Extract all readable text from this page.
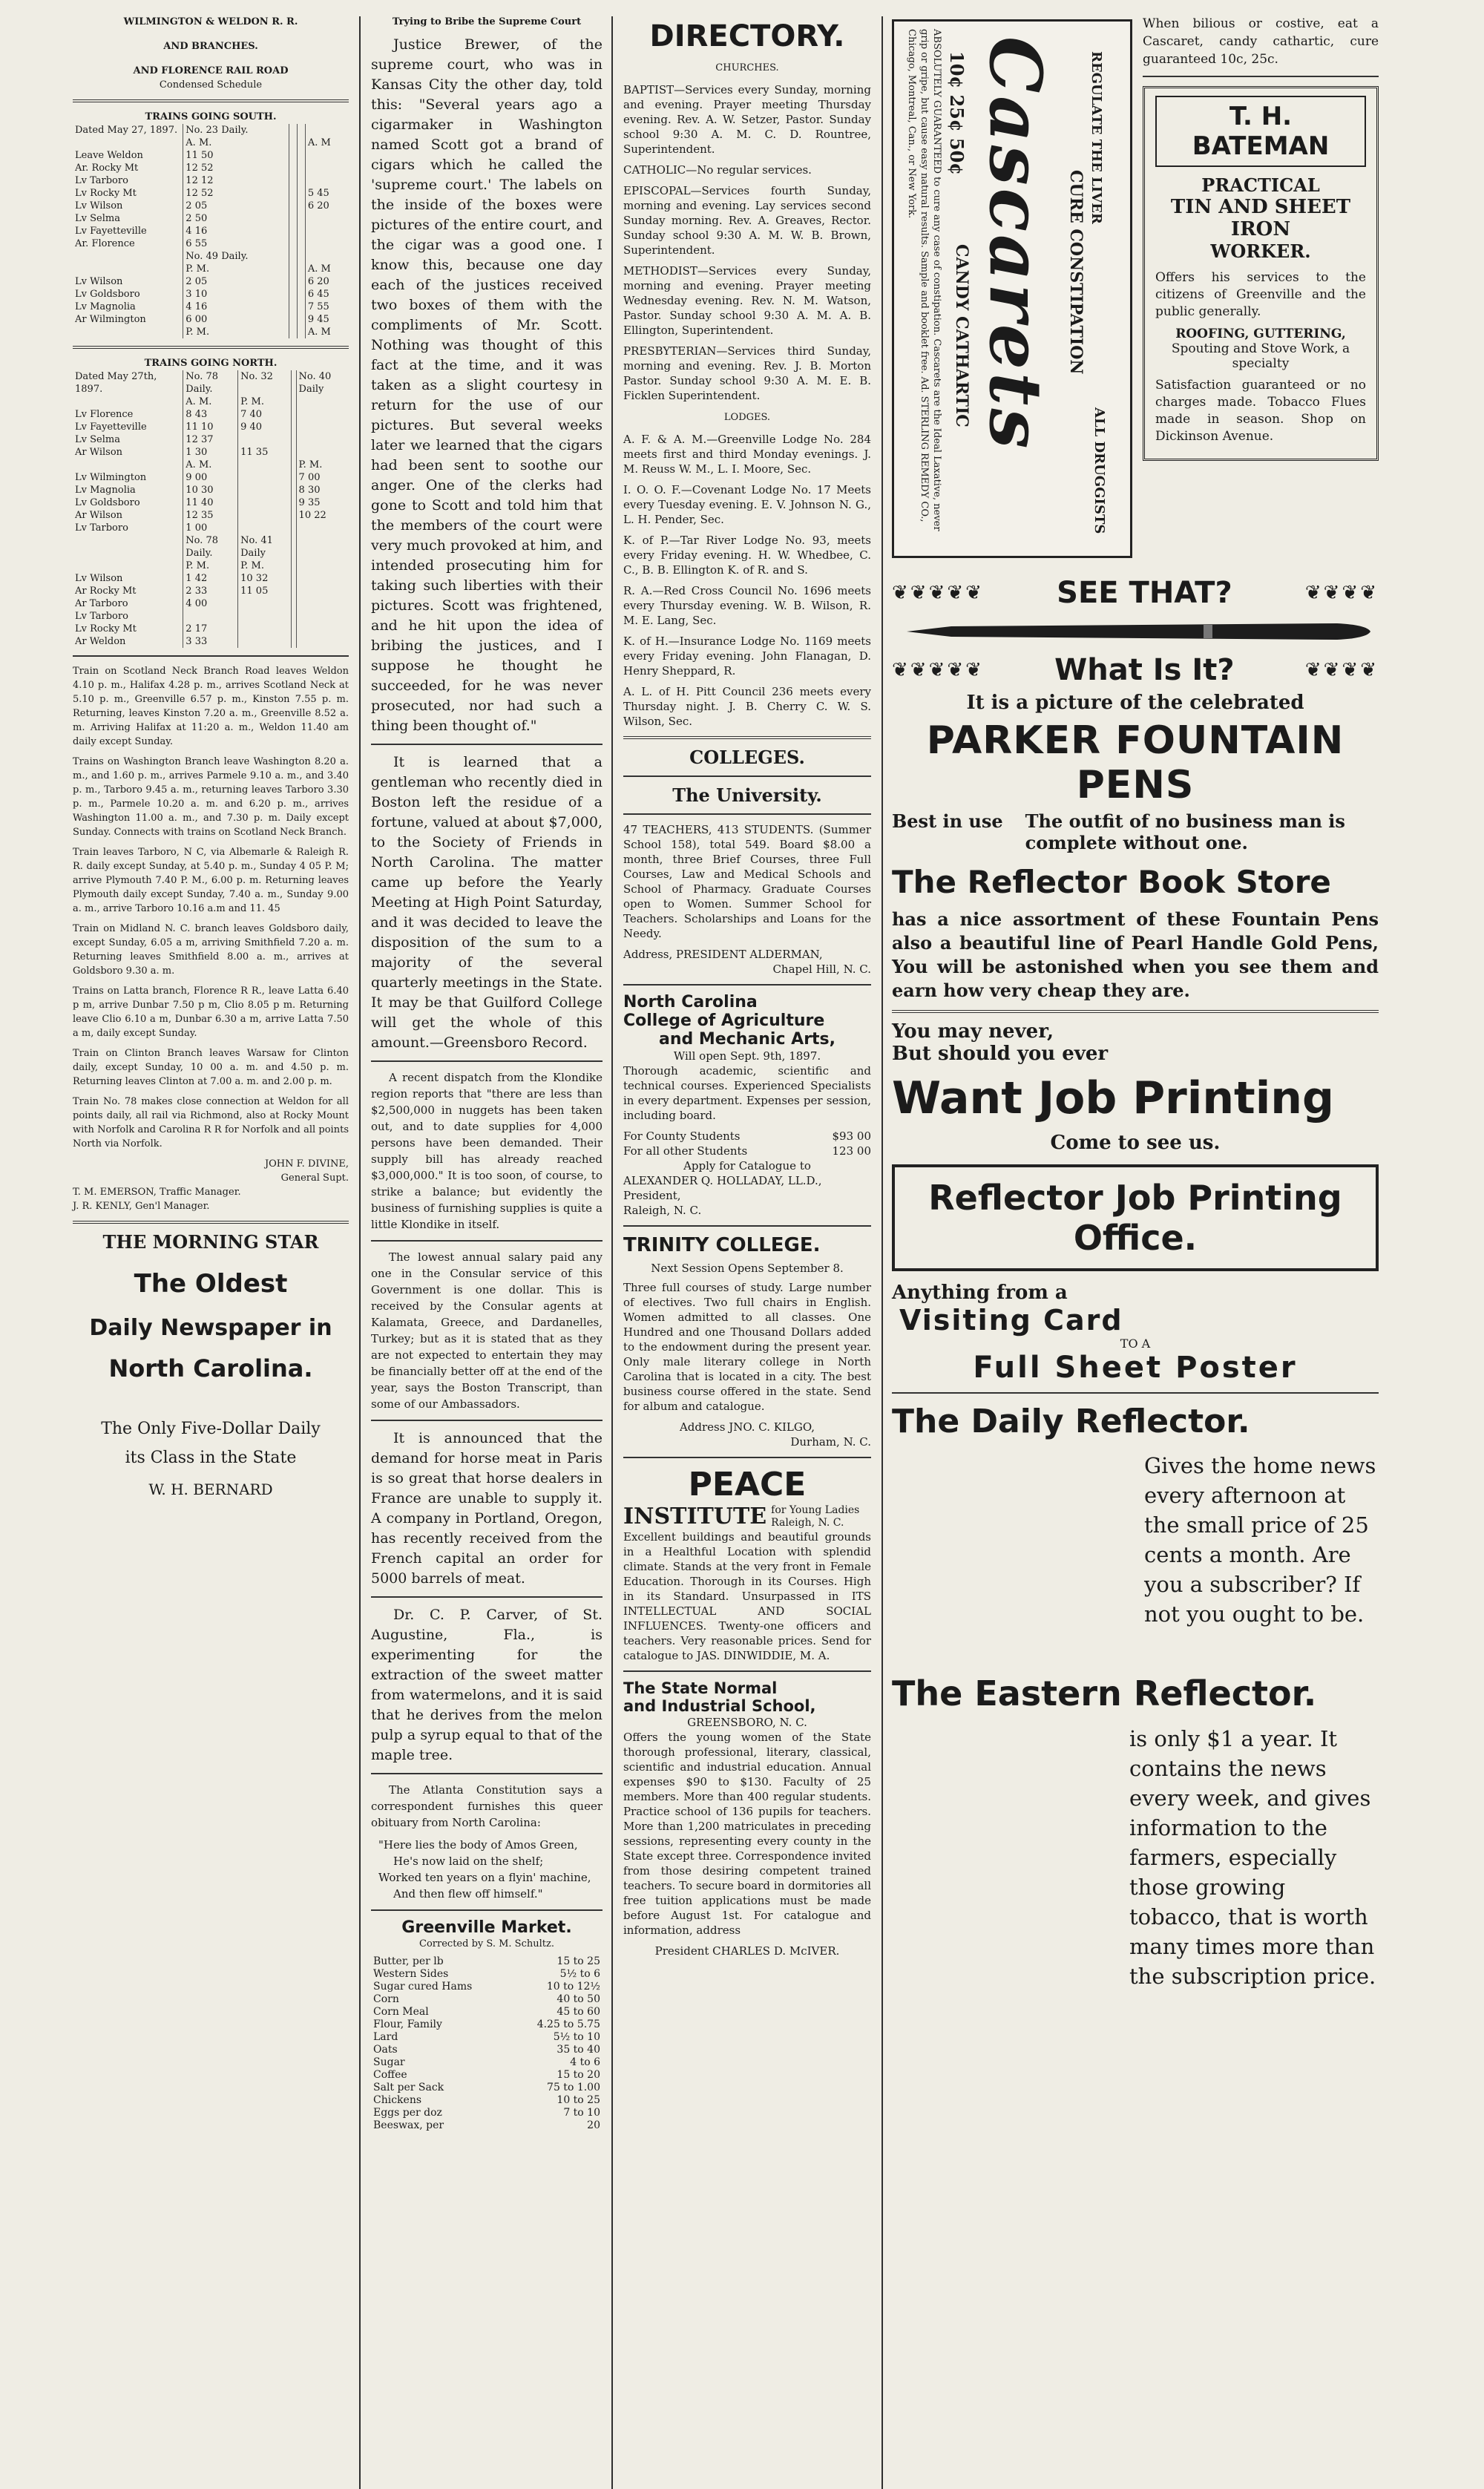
WILMINGTON & WELDON R. R.
AND BRANCHES.
AND FLORENCE RAIL ROAD
Condensed Schedule
TRAINS GOING SOUTH.
Dated May 27, 1897.	No. 23 Daily.			
	A. M.			A. M
Leave Weldon	11 50			
Ar. Rocky Mt	12 52			

Lv Tarboro	12 12			

Lv Rocky Mt	12 52			5 45
Lv Wilson	2 05			6 20
Lv Selma	2 50			
Lv Fayetteville	4 16			
Ar. Florence	6 55			

	No. 49 Daily.			
	P. M.			A. M
Lv Wilson	2 05			6 20
Lv Goldsboro	3 10			6 45
Lv Magnolia	4 16			7 55
Ar Wilmington	6 00			9 45
	P. M.			A. M
TRAINS GOING NORTH.
Dated May 27th, 1897.	No. 78 Daily.	No. 32		No. 40 Daily
	A. M.	P. M.		
Lv Florence	8 43	7 40		
Lv Fayetteville	11 10	9 40		
Lv Selma	12 37			
Ar Wilson	1 30	11 35		

	A. M.			P. M.
Lv Wilmington	9 00			7 00
Lv Magnolia	10 30			8 30
Lv Goldsboro	11 40			9 35
Ar Wilson	12 35			10 22
Lv Tarboro	1 00			

	No. 78 Daily.	No. 41 Daily		
	P. M.	P. M.		
Lv Wilson	1 42	10 32		
Ar Rocky Mt	2 33	11 05		

Ar Tarboro	4 00			
Lv Tarboro				
Lv Rocky Mt	2 17			
Ar Weldon	3 33			

Train on Scotland Neck Branch Road leaves Weldon 4.10 p. m., Halifax 4.28 p. m., arrives Scotland Neck at 5.10 p. m., Greenville 6.57 p. m., Kinston 7.55 p. m. Returning, leaves Kinston 7.20 a. m., Greenville 8.52 a. m. Arriving Halifax at 11:20 a. m., Weldon 11.40 am daily except Sunday.

Trains on Washington Branch leave Washington 8.20 a. m., and 1.60 p. m., arrives Parmele 9.10 a. m., and 3.40 p. m., Tarboro 9.45 a. m., returning leaves Tarboro 3.30 p. m., Parmele 10.20 a. m. and 6.20 p. m., arrives Washington 11.00 a. m., and 7.30 p. m. Daily except Sunday. Connects with trains on Scotland Neck Branch.

Train leaves Tarboro, N C, via Albemarle & Raleigh R. R. daily except Sunday, at 5.40 p. m., Sunday 4 05 P. M; arrive Plymouth 7.40 P. M., 6.00 p. m. Returning leaves Plymouth daily except Sunday, 7.40 a. m., Sunday 9.00 a. m., arrive Tarboro 10.16 a.m and 11. 45

Train on Midland N. C. branch leaves Goldsboro daily, except Sunday, 6.05 a m, arriving Smithfield 7.20 a. m. Returning leaves Smithfield 8.00 a. m., arrives at Goldsboro 9.30 a. m.

Trains on Latta branch, Florence R R., leave Latta 6.40 p m, arrive Dunbar 7.50 p m, Clio 8.05 p m. Returning leave Clio 6.10 a m, Dunbar 6.30 a m, arrive Latta 7.50 a m, daily except Sunday.

Train on Clinton Branch leaves Warsaw for Clinton daily, except Sunday, 10 00 a. m. and 4.50 p. m. Returning leaves Clinton at 7.00 a. m. and 2.00 p. m.

Train No. 78 makes close connection at Weldon for all points daily, all rail via Richmond, also at Rocky Mount with Norfolk and Carolina R R for Norfolk and all points North via Norfolk.

JOHN F. DIVINE,
General Supt.
T. M. EMERSON, Traffic Manager.
J. R. KENLY, Gen'l Manager.
THE MORNING STAR
The Oldest
Daily Newspaper in
North Carolina.
The Only Five-Dollar Daily
its Class in the State
W. H. BERNARD
Trying to Bribe the Supreme Court

Justice Brewer, of the supreme court, who was in Kansas City the other day, told this: "Several years ago a cigarmaker in Washington named Scott got a brand of cigars which he called the 'supreme court.' The labels on the inside of the boxes were pictures of the entire court, and the cigar was a good one. I know this, because one day each of the justices received two boxes of them with the compliments of Mr. Scott. Nothing was thought of this fact at the time, and it was taken as a slight courtesy in return for the use of our pictures. But several weeks later we learned that the cigars had been sent to soothe our anger. One of the clerks had gone to Scott and told him that the members of the court were very much provoked at him, and intended prosecuting him for taking such liberties with their pictures. Scott was frightened, and he hit upon the idea of bribing the justices, and I suppose he thought he succeeded, for he was never prosecuted, nor had such a thing been thought of."

It is learned that a gentleman who recently died in Boston left the residue of a fortune, valued at about $7,000, to the Society of Friends in North Carolina. The matter came up before the Yearly Meeting at High Point Saturday, and it was decided to leave the disposition of the sum to a majority of the several quarterly meetings in the State. It may be that Guilford College will get the whole of this amount.—Greensboro Record.

A recent dispatch from the Klondike region reports that "there are less than $2,500,000 in nuggets has been taken out, and to date supplies for 4,000 persons have been demanded. Their supply bill has already reached $3,000,000." It is too soon, of course, to strike a balance; but evidently the business of furnishing supplies is quite a little Klondike in itself.

The lowest annual salary paid any one in the Consular service of this Government is one dollar. This is received by the Consular agents at Kalamata, Greece, and Dardanelles, Turkey; but as it is stated that as they are not expected to entertain they may be financially better off at the end of the year, says the Boston Transcript, than some of our Ambassadors.

It is announced that the demand for horse meat in Paris is so great that horse dealers in France are unable to supply it. A company in Portland, Oregon, has recently received from the French capital an order for 5000 barrels of meat.

Dr. C. P. Carver, of St. Augustine, Fla., is experimenting for the extraction of the sweet matter from watermelons, and it is said that he derives from the melon pulp a syrup equal to that of the maple tree.

The Atlanta Constitution says a correspondent furnishes this queer obituary from North Carolina:

"Here lies the body of Amos Green,
He's now laid on the shelf;
Worked ten years on a flyin' machine,
And then flew off himself."
Greenville Market.
Corrected by S. M. Schultz.
Butter, per lb	15 to 25
Western Sides	5½ to 6
Sugar cured Hams	10 to 12½
Corn	40 to 50
Corn Meal	45 to 60
Flour, Family	4.25 to 5.75
Lard	5½ to 10
Oats	35 to 40
Sugar	4 to 6
Coffee	15 to 20
Salt per Sack	75 to 1.00
Chickens	10 to 25
Eggs per doz	7 to 10
Beeswax, per	20
DIRECTORY.
CHURCHES.

BAPTIST—Services every Sunday, morning and evening. Prayer meeting Thursday evening. Rev. A. W. Setzer, Pastor. Sunday school 9:30 A. M. C. D. Rountree, Superintendent.

CATHOLIC—No regular services.

EPISCOPAL—Services fourth Sunday, morning and evening. Lay services second Sunday morning. Rev. A. Greaves, Rector. Sunday school 9:30 A. M. W. B. Brown, Superintendent.

METHODIST—Services every Sunday, morning and evening. Prayer meeting Wednesday evening. Rev. N. M. Watson, Pastor. Sunday school 9:30 A. M. A. B. Ellington, Superintendent.

PRESBYTERIAN—Services third Sunday, morning and evening. Rev. J. B. Morton Pastor. Sunday school 9:30 A. M. E. B. Ficklen Superintendent.

LODGES.

A. F. & A. M.—Greenville Lodge No. 284 meets first and third Monday evenings. J. M. Reuss W. M., L. I. Moore, Sec.

I. O. O. F.—Covenant Lodge No. 17 Meets every Tuesday evening. E. V. Johnson N. G., L. H. Pender, Sec.

K. of P.—Tar River Lodge No. 93, meets every Friday evening. H. W. Whedbee, C. C., B. B. Ellington K. of R. and S.

R. A.—Red Cross Council No. 1696 meets every Thursday evening. W. B. Wilson, R. M. E. Lang, Sec.

K. of H.—Insurance Lodge No. 1169 meets every Friday evening. John Flanagan, D. Henry Sheppard, R.

A. L. of H. Pitt Council 236 meets every Thursday night. J. B. Cherry C. W. S. Wilson, Sec.

COLLEGES.
The University.

47 TEACHERS, 413 STUDENTS. (Summer School 158), total 549. Board $8.00 a month, three Brief Courses, three Full Courses, Law and Medical Schools and School of Pharmacy. Graduate Courses open to Women. Summer School for Teachers. Scholarships and Loans for the Needy.

Address, PRESIDENT ALDERMAN,
Chapel Hill, N. C.
North Carolina
College of Agriculture
and Mechanic Arts,
Will open Sept. 9th, 1897.

Thorough academic, scientific and technical courses. Experienced Specialists in every department. Expenses per session, including board.

For County Students	$93 00
For all other Students	123 00
Apply for Catalogue to
ALEXANDER Q. HOLLADAY, LL.D., President,
Raleigh, N. C.
TRINITY COLLEGE.
Next Session Opens September 8.

Three full courses of study. Large number of electives. Two full chairs in English. Women admitted to all classes. One Hundred and one Thousand Dollars added to the endowment during the present year. Only male literary college in North Carolina that is located in a city. The best business course offered in the state. Send for album and catalogue.

Address JNO. C. KILGO,
Durham, N. C.
PEACE
INSTITUTE for Young Ladies Raleigh, N. C.

Excellent buildings and beautiful grounds in a Healthful Location with splendid climate. Stands at the very front in Female Education. Thorough in its Courses. High in its Standard. Unsurpassed in ITS INTELLECTUAL AND SOCIAL INFLUENCES. Twenty-one officers and teachers. Very reasonable prices. Send for catalogue to JAS. DINWIDDIE, M. A.

The State Normal
and Industrial School,
GREENSBORO, N. C.

Offers the young women of the State thorough professional, literary, classical, scientific and industrial education. Annual expenses $90 to $130. Faculty of 25 members. More than 400 regular students. Practice school of 136 pupils for teachers. More than 1,200 matriculates in preceding sessions, representing every county in the State except three. Correspondence invited from those desiring competent trained teachers. To secure board in dormitories all free tuition applications must be made before August 1st. For catalogue and information, address

President CHARLES D. McIVER.
ABSOLUTELY GUARANTEED to cure any case of constipation. Cascarets are the Ideal Laxative, never grip or gripe, but cause easy natural results. Sample and booklet free. Ad. STERLING REMEDY CO., Chicago, Montreal, Can., or New York.	10¢ 25¢ 50¢ Cascarets
CANDY CATHARTIC	CURE CONSTIPATION
REGULATE THE LIVER
ALL DRUGGISTS

When bilious or costive, eat a Cascaret, candy cathartic, cure guaranteed 10c, 25c.

T. H. BATEMAN
PRACTICAL
TIN AND SHEET IRON
WORKER.

Offers his services to the citizens of Greenville and the public generally.

ROOFING, GUTTERING,
Spouting and Stove Work, a specialty

Satisfaction guaranteed or no charges made. Tobacco Flues made in season. Shop on Dickinson Avenue.

❦❦❦❦❦ SEE THAT?	❦❦❦❦
❦❦❦❦❦ What Is It?	❦❦❦❦
It is a picture of the celebrated
PARKER FOUNTAIN PENS
Best in use The outfit of no business man is complete without one.
The Reflector Book Store

has a nice assortment of these Fountain Pens also a beautiful line of Pearl Handle Gold Pens, You will be astonished when you see them and earn how very cheap they are.

You may never,
But should you ever
Want Job Printing
Come to see us.
Reflector Job Printing Office.
Anything from a
Visiting Card
TO A
Full Sheet Poster
The Daily Reflector.

Gives the home news every afternoon at the small price of 25 cents a month. Are you a subscriber? If not you ought to be.

The Eastern Reflector.

is only $1 a year. It contains the news every week, and gives information to the farmers, especially those growing tobacco, that is worth many times more than the subscription price.
